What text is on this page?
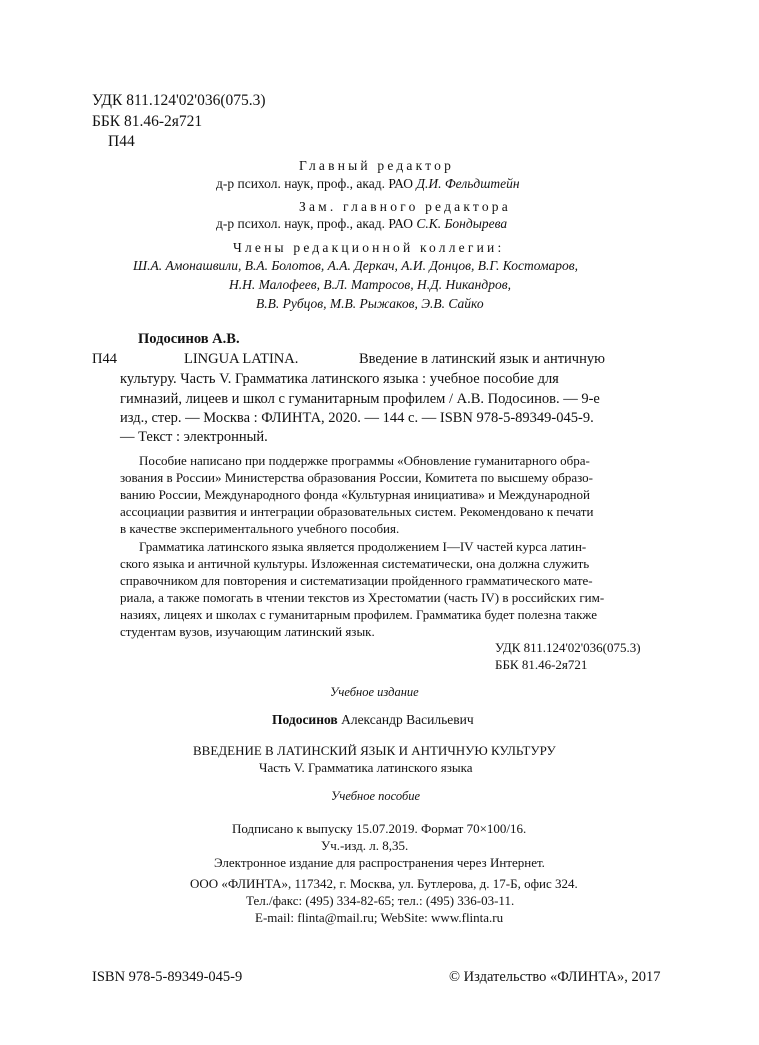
УДК 811.124'02'036(075.3)
ББК 81.46-2я721
П44
Главный редактор
д-р психол. наук, проф., акад. РАО Д.И. Фельдштейн
Зам. главного редактора
д-р психол. наук, проф., акад. РАО С.К. Бондырева
Члены редакционной коллегии:
Ш.А. Амонашвили, В.А. Болотов, А.А. Деркач, А.И. Донцов, В.Г. Костомаров,
Н.Н. Малофеев, В.Л. Матросов, Н.Д. Никандров,
В.В. Рубцов, М.В. Рыжаков, Э.В. Сайко
Подосинов А.В.
П44	LINGUA LATINA.	Введение в латинский язык и античную
культуру. Часть V. Грамматика латинского языка : учебное пособие для
гимназий, лицеев и школ с гуманитарным профилем / А.В. Подосинов. — 9-е
изд., стер. — Москва : ФЛИНТА, 2020. — 144 с. — ISBN 978-5-89349-045-9.
— Текст : электронный.
Пособие написано при поддержке программы «Обновление гуманитарного обра-
зования в России» Министерства образования России, Комитета по высшему образо-
ванию России, Международного фонда «Культурная инициатива» и Международной
ассоциации развития и интеграции образовательных систем. Рекомендовано к печати
в качестве экспериментального учебного пособия.
Грамматика латинского языка является продолжением I—IV частей курса латин-
ского языка и античной культуры. Изложенная систематически, она должна служить
справочником для повторения и систематизации пройденного грамматического мате-
риала, а также помогать в чтении текстов из Хрестоматии (часть IV) в российских гим-
назиях, лицеях и школах с гуманитарным профилем. Грамматика будет полезна также
студентам вузов, изучающим латинский язык.
УДК 811.124'02'036(075.3)
ББК 81.46-2я721
Учебное издание
Подосинов Александр Васильевич
ВВЕДЕНИЕ В ЛАТИНСКИЙ ЯЗЫК И АНТИЧНУЮ КУЛЬТУРУ
Часть V. Грамматика латинского языка
Учебное пособие
Подписано к выпуску 15.07.2019. Формат 70×100/16.
Уч.-изд. л. 8,35.
Электронное издание для распространения через Интернет.
ООО «ФЛИНТА», 117342, г. Москва, ул. Бутлерова, д. 17-Б, офис 324.
Тел./факс: (495) 334-82-65; тел.: (495) 336-03-11.
E-mail: flinta@mail.ru; WebSite: www.flinta.ru
ISBN 978-5-89349-045-9	© Издательство «ФЛИНТА», 2017
